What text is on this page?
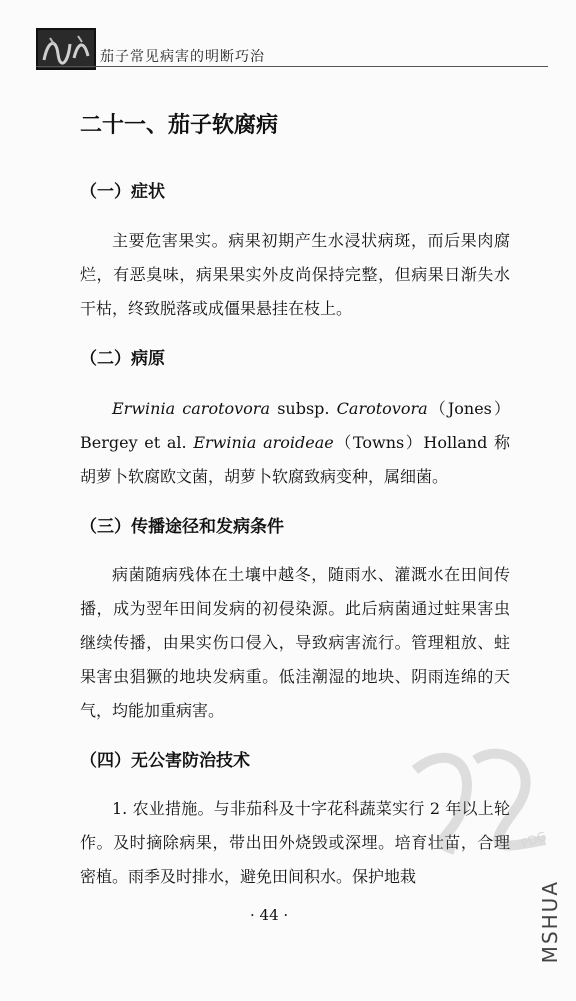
茄子常见病害的明断巧治
二十一、茄子软腐病
（一）症状

主要危害果实。病果初期产生水浸状病斑，而后果肉腐烂，有恶臭味，病果果实外皮尚保持完整，但病果日渐失水干枯，终致脱落或成僵果悬挂在枝上。

（二）病原

Erwinia carotovora subsp. Carotovora（Jones）Bergey et al. Erwinia aroideae（Towns）Holland 称胡萝卜软腐欧文菌，胡萝卜软腐致病变种，属细菌。

（三）传播途径和发病条件

病菌随病残体在土壤中越冬，随雨水、灌溉水在田间传播，成为翌年田间发病的初侵染源。此后病菌通过蛀果害虫继续传播，由果实伤口侵入，导致病害流行。管理粗放、蛀果害虫猖獗的地块发病重。低洼潮湿的地块、阴雨连绵的天气，均能加重病害。

（四）无公害防治技术

1. 农业措施。与非茄科及十字花科蔬菜实行 2 年以上轮作。及时摘除病果，带出田外烧毁或深埋。培育壮苗，合理密植。雨季及时排水，避免田间积水。保护地栽

· 44 ·
PDG
MSHUA
